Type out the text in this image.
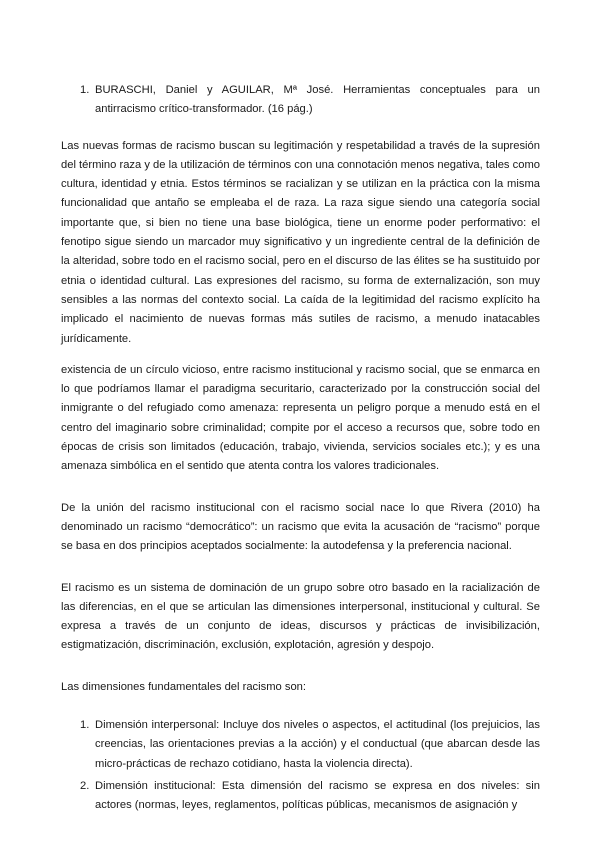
1. BURASCHI, Daniel y AGUILAR, Mª José. Herramientas conceptuales para un antirracismo crítico-transformador. (16 pág.)

Las nuevas formas de racismo buscan su legitimación y respetabilidad a través de la supresión del término raza y de la utilización de términos con una connotación menos negativa, tales como cultura, identidad y etnia. Estos términos se racializan y se utilizan en la práctica con la misma funcionalidad que antaño se empleaba el de raza. La raza sigue siendo una categoría social importante que, si bien no tiene una base biológica, tiene un enorme poder performativo: el fenotipo sigue siendo un marcador muy significativo y un ingrediente central de la definición de la alteridad, sobre todo en el racismo social, pero en el discurso de las élites se ha sustituido por etnia o identidad cultural. Las expresiones del racismo, su forma de externalización, son muy sensibles a las normas del contexto social. La caída de la legitimidad del racismo explícito ha implicado el nacimiento de nuevas formas más sutiles de racismo, a menudo inatacables jurídicamente.

existencia de un círculo vicioso, entre racismo institucional y racismo social, que se enmarca en lo que podríamos llamar el paradigma securitario, caracterizado por la construcción social del inmigrante o del refugiado como amenaza: representa un peligro porque a menudo está en el centro del imaginario sobre criminalidad; compite por el acceso a recursos que, sobre todo en épocas de crisis son limitados (educación, trabajo, vivienda, servicios sociales etc.); y es una amenaza simbólica en el sentido que atenta contra los valores tradicionales.

De la unión del racismo institucional con el racismo social nace lo que Rivera (2010) ha denominado un racismo “democrático”: un racismo que evita la acusación de “racismo” porque se basa en dos principios aceptados socialmente: la autodefensa y la preferencia nacional.

El racismo es un sistema de dominación de un grupo sobre otro basado en la racialización de las diferencias, en el que se articulan las dimensiones interpersonal, institucional y cultural. Se expresa a través de un conjunto de ideas, discursos y prácticas de invisibilización, estigmatización, discriminación, exclusión, explotación, agresión y despojo.

Las dimensiones fundamentales del racismo son:

1. Dimensión interpersonal: Incluye dos niveles o aspectos, el actitudinal (los prejuicios, las creencias, las orientaciones previas a la acción) y el conductual (que abarcan desde las micro-prácticas de rechazo cotidiano, hasta la violencia directa).

2. Dimensión institucional: Esta dimensión del racismo se expresa en dos niveles: sin actores (normas, leyes, reglamentos, políticas públicas, mecanismos de asignación y
